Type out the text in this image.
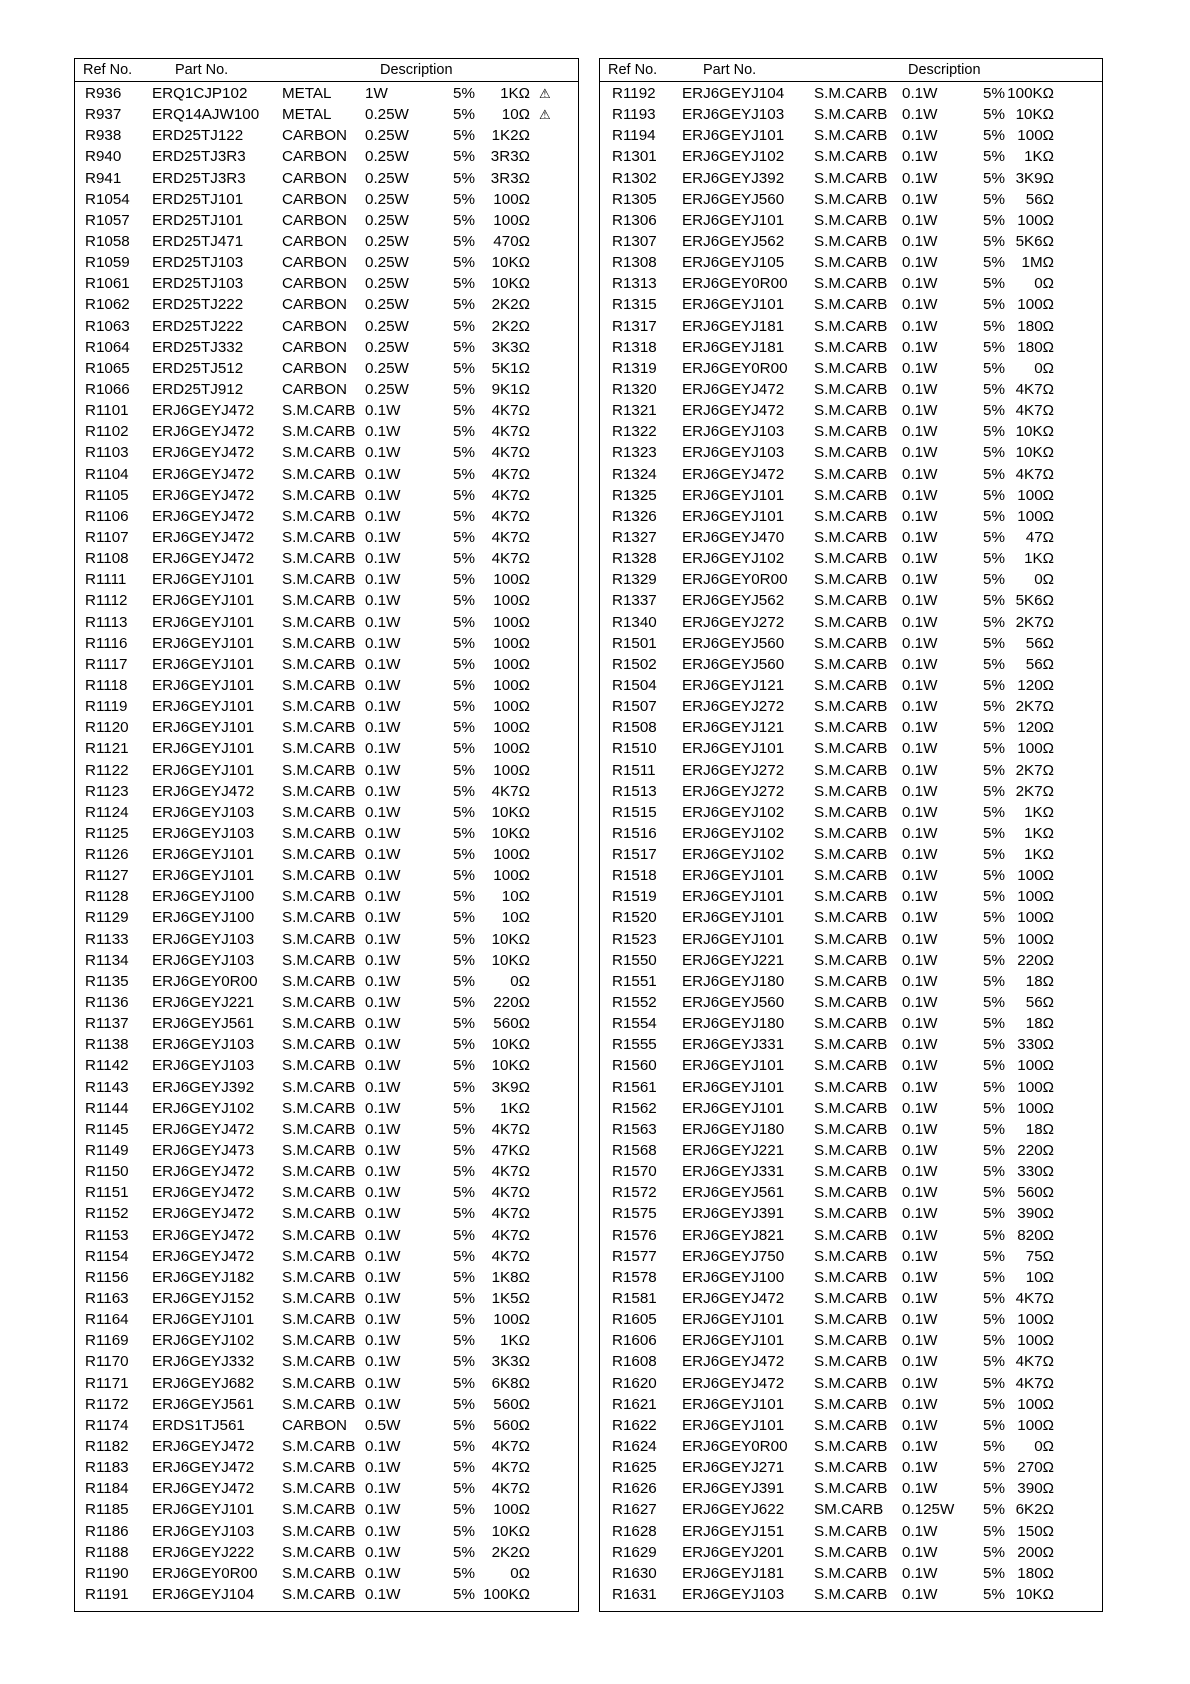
Ref No.	Part No.	Description
R936 ERQ1CJP102 METAL 1W	5% 1KΩ ⚠
R937 ERQ14AJW100 METAL 0.25W	5% 10Ω ⚠
R938 ERD25TJ122	CARBON 0.25W	5% 1K2Ω
R940 ERD25TJ3R3 CARBON 0.25W	5% 3R3Ω
R941 ERD25TJ3R3 CARBON 0.25W	5% 3R3Ω
R1054 ERD25TJ101	CARBON 0.25W	5% 100Ω
R1057 ERD25TJ101	CARBON 0.25W	5% 100Ω
R1058 ERD25TJ471	CARBON 0.25W	5% 470Ω
R1059 ERD25TJ103	CARBON 0.25W	5% 10KΩ
R1061 ERD25TJ103	CARBON 0.25W	5% 10KΩ
R1062 ERD25TJ222	CARBON 0.25W	5% 2K2Ω
R1063 ERD25TJ222	CARBON 0.25W	5% 2K2Ω
R1064 ERD25TJ332	CARBON 0.25W	5% 3K3Ω
R1065 ERD25TJ512	CARBON 0.25W	5% 5K1Ω
R1066 ERD25TJ912	CARBON 0.25W	5% 9K1Ω
R1101 ERJ6GEYJ472 S.M.CARB 0.1W	5% 4K7Ω
R1102 ERJ6GEYJ472 S.M.CARB 0.1W	5% 4K7Ω
R1103 ERJ6GEYJ472 S.M.CARB 0.1W	5% 4K7Ω
R1104 ERJ6GEYJ472 S.M.CARB 0.1W	5% 4K7Ω
R1105 ERJ6GEYJ472 S.M.CARB 0.1W	5% 4K7Ω
R1106 ERJ6GEYJ472 S.M.CARB 0.1W	5% 4K7Ω
R1107 ERJ6GEYJ472 S.M.CARB 0.1W	5% 4K7Ω
R1108 ERJ6GEYJ472 S.M.CARB 0.1W	5% 4K7Ω
R1111 ERJ6GEYJ101 S.M.CARB 0.1W	5% 100Ω
R1112 ERJ6GEYJ101 S.M.CARB 0.1W	5% 100Ω
R1113 ERJ6GEYJ101 S.M.CARB 0.1W	5% 100Ω
R1116 ERJ6GEYJ101 S.M.CARB 0.1W	5% 100Ω
R1117 ERJ6GEYJ101 S.M.CARB 0.1W	5% 100Ω
R1118 ERJ6GEYJ101 S.M.CARB 0.1W	5% 100Ω
R1119 ERJ6GEYJ101 S.M.CARB 0.1W	5% 100Ω
R1120 ERJ6GEYJ101 S.M.CARB 0.1W	5% 100Ω
R1121 ERJ6GEYJ101 S.M.CARB 0.1W	5% 100Ω
R1122 ERJ6GEYJ101 S.M.CARB 0.1W	5% 100Ω
R1123 ERJ6GEYJ472 S.M.CARB 0.1W	5% 4K7Ω
R1124 ERJ6GEYJ103 S.M.CARB 0.1W	5% 10KΩ
R1125 ERJ6GEYJ103 S.M.CARB 0.1W	5% 10KΩ
R1126 ERJ6GEYJ101 S.M.CARB 0.1W	5% 100Ω
R1127 ERJ6GEYJ101 S.M.CARB 0.1W	5% 100Ω
R1128 ERJ6GEYJ100 S.M.CARB 0.1W	5% 10Ω
R1129 ERJ6GEYJ100 S.M.CARB 0.1W	5% 10Ω
R1133 ERJ6GEYJ103 S.M.CARB 0.1W	5% 10KΩ
R1134 ERJ6GEYJ103 S.M.CARB 0.1W	5% 10KΩ
R1135 ERJ6GEY0R00 S.M.CARB 0.1W	5% 0Ω
R1136 ERJ6GEYJ221 S.M.CARB 0.1W	5% 220Ω
R1137 ERJ6GEYJ561 S.M.CARB 0.1W	5% 560Ω
R1138 ERJ6GEYJ103 S.M.CARB 0.1W	5% 10KΩ
R1142 ERJ6GEYJ103 S.M.CARB 0.1W	5% 10KΩ
R1143 ERJ6GEYJ392 S.M.CARB 0.1W	5% 3K9Ω
R1144 ERJ6GEYJ102 S.M.CARB 0.1W	5% 1KΩ
R1145 ERJ6GEYJ472 S.M.CARB 0.1W	5% 4K7Ω
R1149 ERJ6GEYJ473 S.M.CARB 0.1W	5% 47KΩ
R1150 ERJ6GEYJ472 S.M.CARB 0.1W	5% 4K7Ω
R1151 ERJ6GEYJ472 S.M.CARB 0.1W	5% 4K7Ω
R1152 ERJ6GEYJ472 S.M.CARB 0.1W	5% 4K7Ω
R1153 ERJ6GEYJ472 S.M.CARB 0.1W	5% 4K7Ω
R1154 ERJ6GEYJ472 S.M.CARB 0.1W	5% 4K7Ω
R1156 ERJ6GEYJ182 S.M.CARB 0.1W	5% 1K8Ω
R1163 ERJ6GEYJ152 S.M.CARB 0.1W	5% 1K5Ω
R1164 ERJ6GEYJ101 S.M.CARB 0.1W	5% 100Ω
R1169 ERJ6GEYJ102 S.M.CARB 0.1W	5% 1KΩ
R1170 ERJ6GEYJ332 S.M.CARB 0.1W	5% 3K3Ω
R1171 ERJ6GEYJ682 S.M.CARB 0.1W	5% 6K8Ω
R1172 ERJ6GEYJ561 S.M.CARB 0.1W	5% 560Ω
R1174 ERDS1TJ561 CARBON 0.5W	5% 560Ω
R1182 ERJ6GEYJ472 S.M.CARB 0.1W	5% 4K7Ω
R1183 ERJ6GEYJ472 S.M.CARB 0.1W	5% 4K7Ω
R1184 ERJ6GEYJ472 S.M.CARB 0.1W	5% 4K7Ω
R1185 ERJ6GEYJ101 S.M.CARB 0.1W	5% 100Ω
R1186 ERJ6GEYJ103 S.M.CARB 0.1W	5% 10KΩ
R1188 ERJ6GEYJ222 S.M.CARB 0.1W	5% 2K2Ω
R1190 ERJ6GEY0R00 S.M.CARB 0.1W	5% 0Ω
R1191 ERJ6GEYJ104 S.M.CARB 0.1W	5% 100KΩ
Ref No.	Part No.	Description
R1192 ERJ6GEYJ104 S.M.CARB 0.1W	5% 100KΩ
R1193 ERJ6GEYJ103 S.M.CARB 0.1W	5% 10KΩ
R1194 ERJ6GEYJ101 S.M.CARB 0.1W	5% 100Ω
R1301 ERJ6GEYJ102 S.M.CARB 0.1W	5% 1KΩ
R1302 ERJ6GEYJ392 S.M.CARB 0.1W	5% 3K9Ω
R1305 ERJ6GEYJ560 S.M.CARB 0.1W	5% 56Ω
R1306 ERJ6GEYJ101 S.M.CARB 0.1W	5% 100Ω
R1307 ERJ6GEYJ562 S.M.CARB 0.1W	5% 5K6Ω
R1308 ERJ6GEYJ105 S.M.CARB 0.1W	5% 1MΩ
R1313 ERJ6GEY0R00 S.M.CARB 0.1W	5% 0Ω
R1315 ERJ6GEYJ101 S.M.CARB 0.1W	5% 100Ω
R1317 ERJ6GEYJ181 S.M.CARB 0.1W	5% 180Ω
R1318 ERJ6GEYJ181 S.M.CARB 0.1W	5% 180Ω
R1319 ERJ6GEY0R00 S.M.CARB 0.1W	5% 0Ω
R1320 ERJ6GEYJ472 S.M.CARB 0.1W	5% 4K7Ω
R1321 ERJ6GEYJ472 S.M.CARB 0.1W	5% 4K7Ω
R1322 ERJ6GEYJ103 S.M.CARB 0.1W	5% 10KΩ
R1323 ERJ6GEYJ103 S.M.CARB 0.1W	5% 10KΩ
R1324 ERJ6GEYJ472 S.M.CARB 0.1W	5% 4K7Ω
R1325 ERJ6GEYJ101 S.M.CARB 0.1W	5% 100Ω
R1326 ERJ6GEYJ101 S.M.CARB 0.1W	5% 100Ω
R1327 ERJ6GEYJ470 S.M.CARB 0.1W	5% 47Ω
R1328 ERJ6GEYJ102 S.M.CARB 0.1W	5% 1KΩ
R1329 ERJ6GEY0R00 S.M.CARB 0.1W	5% 0Ω
R1337 ERJ6GEYJ562 S.M.CARB 0.1W	5% 5K6Ω
R1340 ERJ6GEYJ272 S.M.CARB 0.1W	5% 2K7Ω
R1501 ERJ6GEYJ560 S.M.CARB 0.1W	5% 56Ω
R1502 ERJ6GEYJ560 S.M.CARB 0.1W	5% 56Ω
R1504 ERJ6GEYJ121 S.M.CARB 0.1W	5% 120Ω
R1507 ERJ6GEYJ272 S.M.CARB 0.1W	5% 2K7Ω
R1508 ERJ6GEYJ121 S.M.CARB 0.1W	5% 120Ω
R1510 ERJ6GEYJ101 S.M.CARB 0.1W	5% 100Ω
R1511 ERJ6GEYJ272 S.M.CARB 0.1W	5% 2K7Ω
R1513 ERJ6GEYJ272 S.M.CARB 0.1W	5% 2K7Ω
R1515 ERJ6GEYJ102 S.M.CARB 0.1W	5% 1KΩ
R1516 ERJ6GEYJ102 S.M.CARB 0.1W	5% 1KΩ
R1517 ERJ6GEYJ102 S.M.CARB 0.1W	5% 1KΩ
R1518 ERJ6GEYJ101 S.M.CARB 0.1W	5% 100Ω
R1519 ERJ6GEYJ101 S.M.CARB 0.1W	5% 100Ω
R1520 ERJ6GEYJ101 S.M.CARB 0.1W	5% 100Ω
R1523 ERJ6GEYJ101 S.M.CARB 0.1W	5% 100Ω
R1550 ERJ6GEYJ221 S.M.CARB 0.1W	5% 220Ω
R1551 ERJ6GEYJ180 S.M.CARB 0.1W	5% 18Ω
R1552 ERJ6GEYJ560 S.M.CARB 0.1W	5% 56Ω
R1554 ERJ6GEYJ180 S.M.CARB 0.1W	5% 18Ω
R1555 ERJ6GEYJ331 S.M.CARB 0.1W	5% 330Ω
R1560 ERJ6GEYJ101 S.M.CARB 0.1W	5% 100Ω
R1561 ERJ6GEYJ101 S.M.CARB 0.1W	5% 100Ω
R1562 ERJ6GEYJ101 S.M.CARB 0.1W	5% 100Ω
R1563 ERJ6GEYJ180 S.M.CARB 0.1W	5% 18Ω
R1568 ERJ6GEYJ221 S.M.CARB 0.1W	5% 220Ω
R1570 ERJ6GEYJ331 S.M.CARB 0.1W	5% 330Ω
R1572 ERJ6GEYJ561 S.M.CARB 0.1W	5% 560Ω
R1575 ERJ6GEYJ391 S.M.CARB 0.1W	5% 390Ω
R1576 ERJ6GEYJ821 S.M.CARB 0.1W	5% 820Ω
R1577 ERJ6GEYJ750 S.M.CARB 0.1W	5% 75Ω
R1578 ERJ6GEYJ100 S.M.CARB 0.1W	5% 10Ω
R1581 ERJ6GEYJ472 S.M.CARB 0.1W	5% 4K7Ω
R1605 ERJ6GEYJ101 S.M.CARB 0.1W	5% 100Ω
R1606 ERJ6GEYJ101 S.M.CARB 0.1W	5% 100Ω
R1608 ERJ6GEYJ472 S.M.CARB 0.1W	5% 4K7Ω
R1620 ERJ6GEYJ472 S.M.CARB 0.1W	5% 4K7Ω
R1621 ERJ6GEYJ101 S.M.CARB 0.1W	5% 100Ω
R1622 ERJ6GEYJ101 S.M.CARB 0.1W	5% 100Ω
R1624 ERJ6GEY0R00 S.M.CARB 0.1W	5% 0Ω
R1625 ERJ6GEYJ271 S.M.CARB 0.1W	5% 270Ω
R1626 ERJ6GEYJ391 S.M.CARB 0.1W	5% 390Ω
R1627 ERJ6GEYJ622 SM.CARB 0.125W 5% 6K2Ω
R1628 ERJ6GEYJ151 S.M.CARB 0.1W	5% 150Ω
R1629 ERJ6GEYJ201 S.M.CARB 0.1W	5% 200Ω
R1630 ERJ6GEYJ181 S.M.CARB 0.1W	5% 180Ω
R1631 ERJ6GEYJ103 S.M.CARB 0.1W	5% 10KΩ
